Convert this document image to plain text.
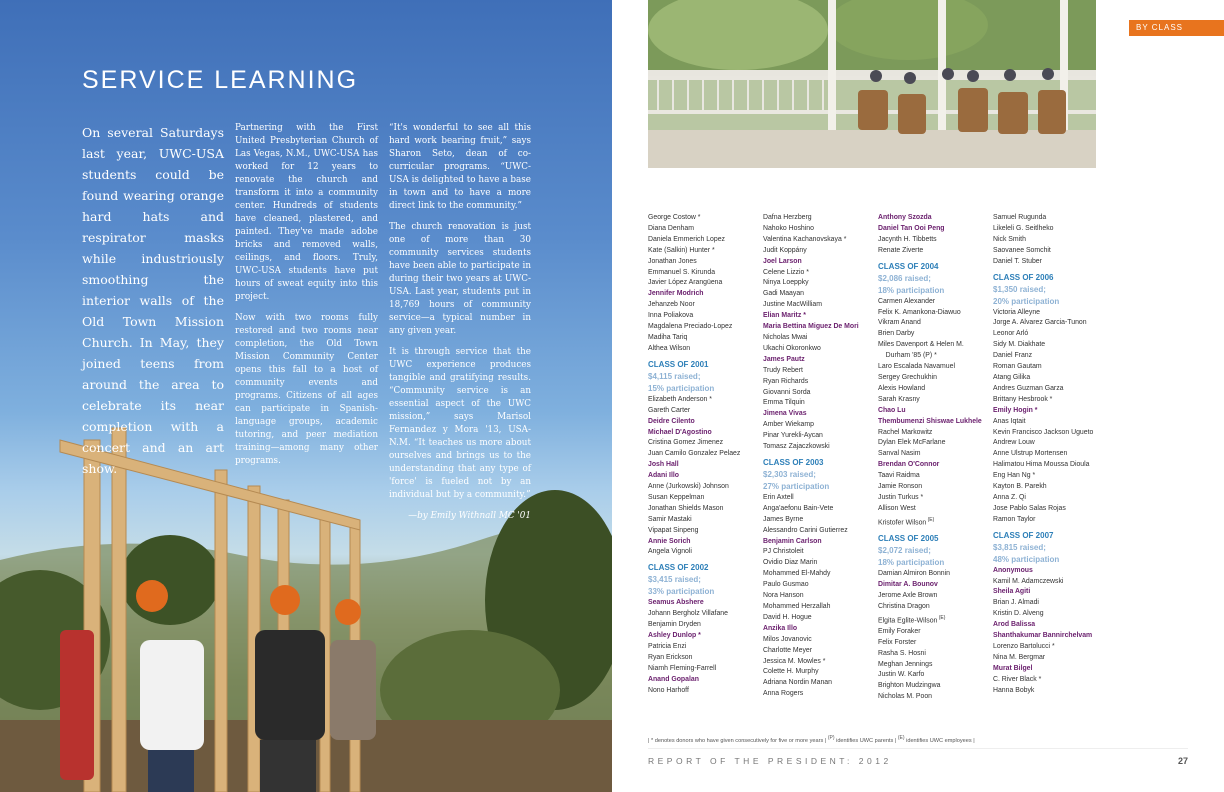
SERVICE LEARNING

On several Saturdays last year, UWC-USA students could be found wearing orange hard hats and respirator masks while industriously smoothing the interior walls of the Old Town Mission Church. In May, they joined teens from around the area to celebrate its near completion with a concert and an art show.

Partnering with the First United Presbyterian Church of Las Vegas, N.M., UWC-USA has worked for 12 years to renovate the church and transform it into a community center. Hundreds of students have cleaned, plastered, and painted. They've made adobe bricks and removed walls, ceilings, and floors. Truly, UWC-USA students have put hours of sweat equity into this project.

Now with two rooms fully restored and two rooms near completion, the Old Town Mission Community Center opens this fall to a host of community events and programs. Citizens of all ages can participate in Spanish-language groups, academic tutoring, and peer mediation training—among many other programs.

“It's wonderful to see all this hard work bearing fruit,” says Sharon Seto, dean of co-curricular programs. “UWC-USA is delighted to have a base in town and to have a more direct link to the community.”

The church renovation is just one of more than 30 community services students have been able to participate in during their two years at UWC-USA. Last year, students put in 18,769 hours of community service—a typical number in any given year.

It is through service that the UWC experience produces tangible and gratifying results. “Community service is an essential aspect of the UWC mission,” says Marisol Fernandez y Mora '13, USA-N.M. “It teaches us more about ourselves and brings us to the understanding that any type of 'force' is fueled not by an individual but by a community.”

—by Emily Withnall MC '01

BY CLASS
George Costow *
Diana Denham
Daniela Emmerich Lopez
Kate (Salkin) Hunter *
Jonathan Jones
Emmanuel S. Kirunda
Javier López Arangüena
Jennifer Modrich
Jehanzeb Noor
Inna Poliakova
Magdalena Preciado-Lopez
Madiha Tariq
Althea Wilson
CLASS OF 2001
$4,115 raised;
15% participation
Elizabeth Anderson *
Gareth Carter
Deidre Cilento
Michael D'Agostino
Cristina Gomez Jimenez
Juan Camilo Gonzalez Pelaez
Josh Hall
Adani Illo
Anne (Jurkowski) Johnson
Susan Keppelman
Jonathan Shields Mason
Samir Mastaki
Vipapat Sinpeng
Annie Sorich
Angela Vignoli
CLASS OF 2002
$3,415 raised;
33% participation
Seamus Abshere
Johann Bergholz Villafane
Benjamin Dryden
Ashley Dunlop *
Patricia Enzi
Ryan Erickson
Niamh Fleming-Farrell
Anand Gopalan
Nono Harhoff
Dafna Herzberg
Nahoko Hoshino
Valentina Kachanovskaya *
Judit Koppány
Joel Larson
Celene Lizzio *
Ninya Loeppky
Gadi Maayan
Justine MacWilliam
Elian Maritz *
Maria Bettina Miguez De Mori
Nicholas Mwai
Ukachi Okoronkwo
James Pautz
Trudy Rebert
Ryan Richards
Giovanni Sorda
Emma Tilquin
Jimena Vivas
Amber Wiekamp
Pinar Yurekli-Aycan
Tomasz Zajaczkowski
CLASS OF 2003
$2,303 raised;
27% participation
Erin Axtell
Anga'aefonu Bain-Vete
James Byrne
Alessandro Carini Gutierrez
Benjamin Carlson
PJ Christoleit
Ovidio Diaz Marin
Mohammed El-Mahdy
Paulo Gusmao
Nora Hanson
Mohammed Herzallah
David H. Hogue
Anzika Illo
Milos Jovanovic
Charlotte Meyer
Jessica M. Mowles *
Colette H. Murphy
Adriana Nordin Manan
Anna Rogers
Anthony Szozda
Daniel Tan Ooi Peng
Jacynth H. Tibbetts
Renate Ziverte
CLASS OF 2004
$2,086 raised;
18% participation
Carmen Alexander
Felix K. Amankona-Diawuo
Vikram Anand
Brien Darby
Miles Davenport & Helen M.
Durham '85 (P) *
Laro Escalada Navamuel
Sergey Grechukhin
Alexis Howland
Sarah Krasny
Chao Lu
Thembumenzi Shiswae Lukhele
Rachel Markowitz
Dylan Elek McFarlane
Sanval Nasim
Brendan O'Connor
Taavi Raidma
Jamie Ronson
Justin Turkus *
Allison West
Kristofer Wilson $^{(E)}$
CLASS OF 2005
$2,072 raised;
18% participation
Damian Almiron Bonnin
Dimitar A. Bounov
Jerome Axle Brown
Christina Dragon
Elgita Eglite-Wilson $^{(E)}$
Emily Foraker
Felix Forster
Rasha S. Hosni
Meghan Jennings
Justin W. Karfo
Brighton Mudzingwa
Nicholas M. Poon
Samuel Rugunda
Likeleli G. Seitlheko
Nick Smith
Saovanee Somchit
Daniel T. Stuber
CLASS OF 2006
$1,350 raised;
20% participation
Victoria Alleyne
Jorge A. Alvarez Garcia-Tunon
Leonor Arló
Sidy M. Diakhate
Daniel Franz
Roman Gautam
Atang Gilika
Andres Guzman Garza
Brittany Hesbrook *
Emily Hogin *
Anas Iqtait
Kevin Francisco Jackson Ugueto
Andrew Louw
Anne Ulstrup Mortensen
Halimatou Hima Moussa Dioula
Eng Han Ng *
Kayton B. Parekh
Anna Z. Qi
Jose Pablo Salas Rojas
Ramon Taylor
CLASS OF 2007
$3,815 raised;
48% participation
Anonymous
Kamil M. Adamczewski
Sheila Agiti
Brian J. Almadi
Kristin D. Alveng
Arod Balissa
Shanthakumar Bannirchelvam
Lorenzo Bartolucci *
Nina M. Bergmar
Murat Bilgel
C. River Black *
Hanna Bobyk
| * denotes donors who have given consecutively for five or more years | (P) identifies UWC parents | (E) identifies UWC employees |
REPORT OF THE PRESIDENT: 2012	27
